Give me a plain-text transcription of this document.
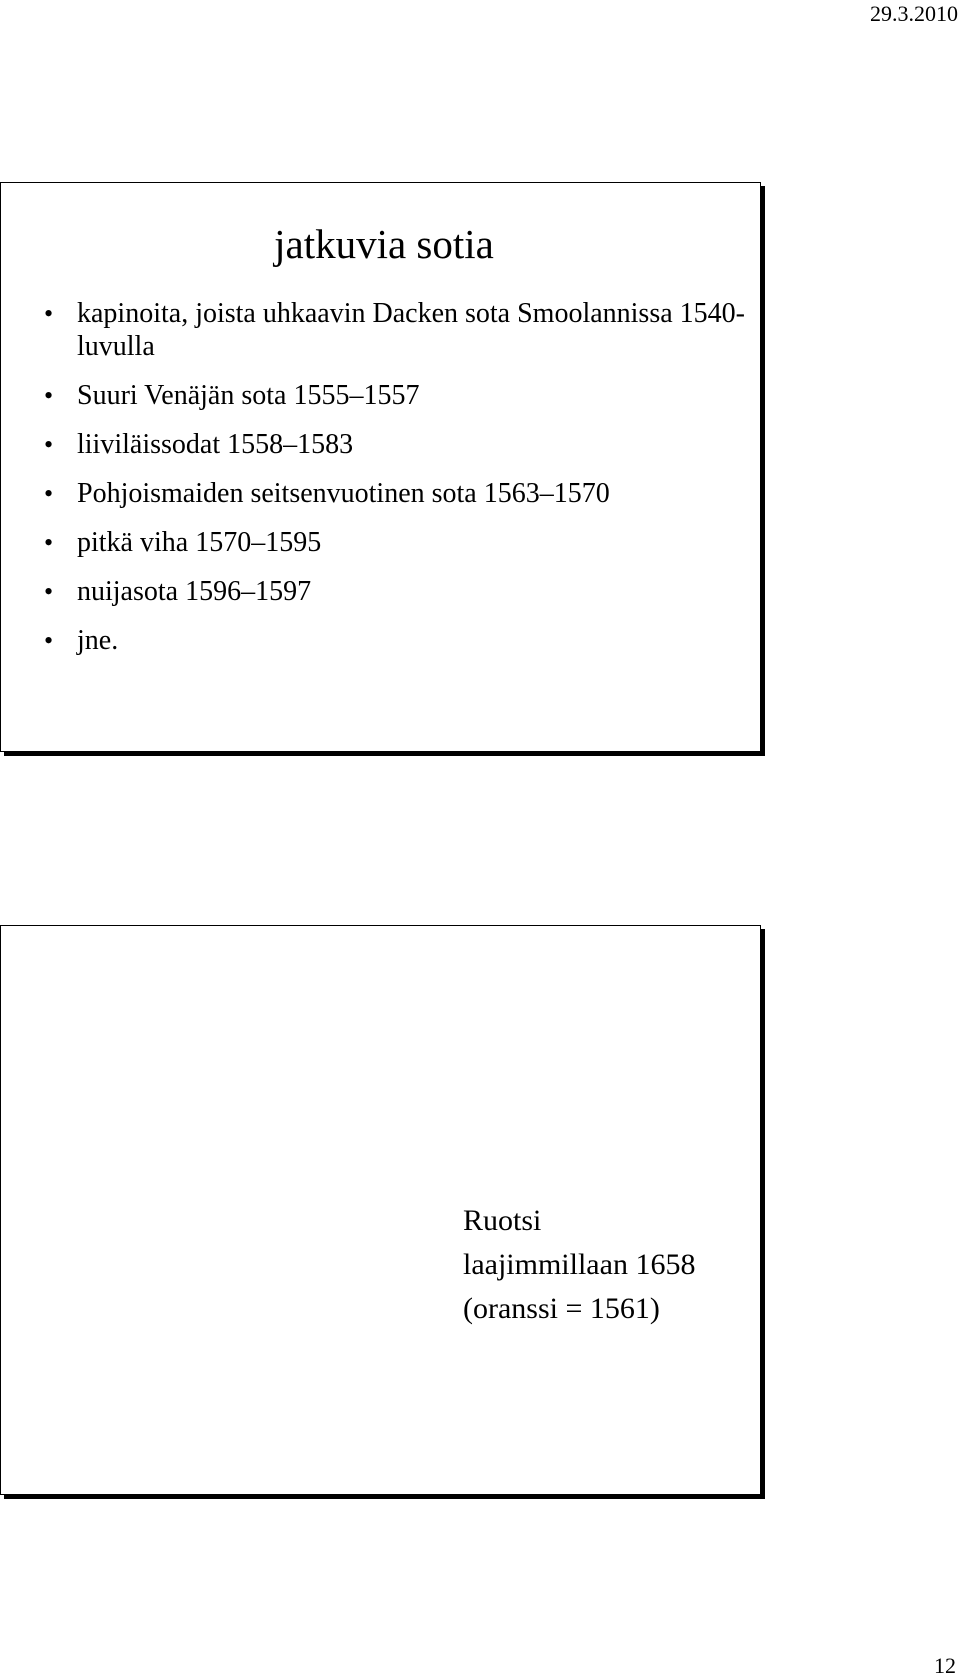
29.3.2010
jatkuvia sotia
• kapinoita, joista uhkaavin Dacken sota Smoolannissa 1540-luvulla
• Suuri Venäjän sota 1555–1557
• liiviläissodat 1558–1583
• Pohjoismaiden seitsenvuotinen sota 1563–1570
• pitkä viha 1570–1595
• nuijasota 1596–1597
• jne.
Ruotsi
laajimmillaan 1658
(oranssi = 1561)
12
